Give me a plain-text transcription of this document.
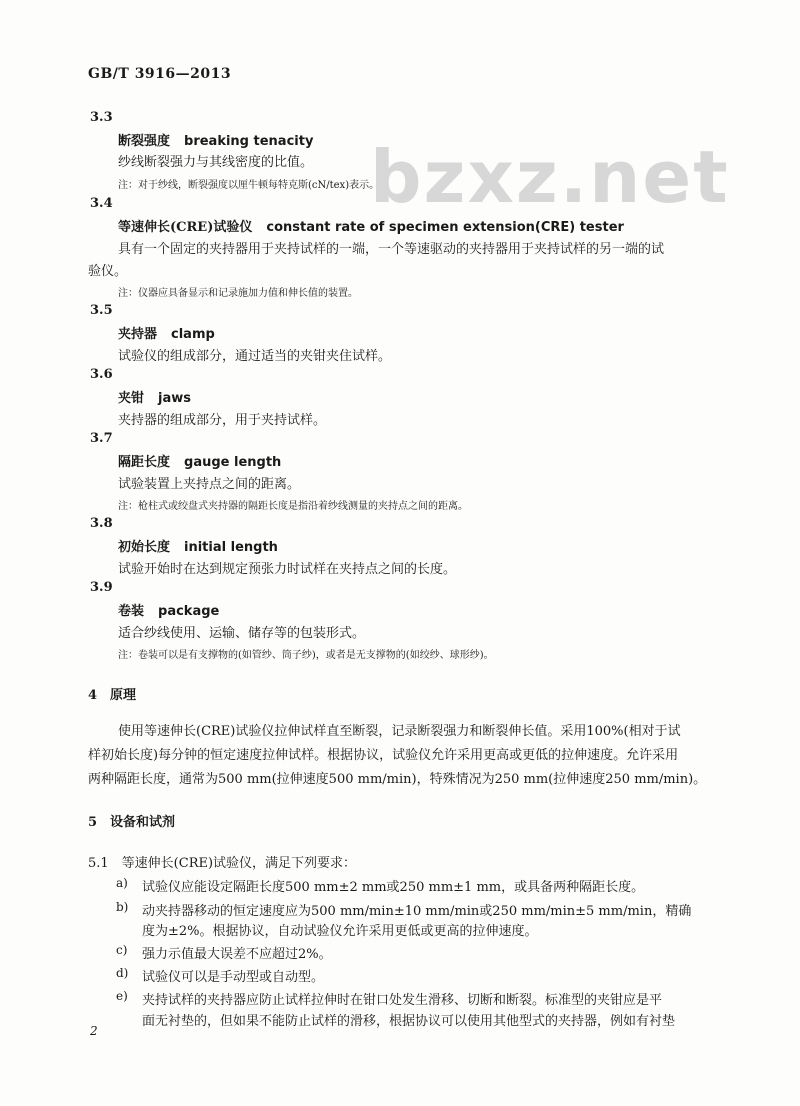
bzxz.net
GB/T 3916—2013
3.3
断裂强度 breaking tenacity
纱线断裂强力与其线密度的比值。
注：对于纱线，断裂强度以厘牛顿每特克斯(cN/tex)表示。
3.4
等速伸长(CRE)试验仪 constant rate of specimen extension(CRE) tester
具有一个固定的夹持器用于夹持试样的一端，一个等速驱动的夹持器用于夹持试样的另一端的试
验仪。
注：仪器应具备显示和记录施加力值和伸长值的装置。
3.5
夹持器 clamp
试验仪的组成部分，通过适当的夹钳夹住试样。
3.6
夹钳 jaws
夹持器的组成部分，用于夹持试样。
3.7
隔距长度 gauge length
试验装置上夹持点之间的距离。
注：枪柱式或绞盘式夹持器的隔距长度是指沿着纱线测量的夹持点之间的距离。
3.8
初始长度 initial length
试验开始时在达到规定预张力时试样在夹持点之间的长度。
3.9
卷装 package
适合纱线使用、运输、储存等的包装形式。
注：卷装可以是有支撑物的(如管纱、筒子纱)，或者是无支撑物的(如绞纱、球形纱)。
4　原理
使用等速伸长(CRE)试验仪拉伸试样直至断裂，记录断裂强力和断裂伸长值。采用100%(相对于试
样初始长度)每分钟的恒定速度拉伸试样。根据协议，试验仪允许采用更高或更低的拉伸速度。允许采用
两种隔距长度，通常为500 mm(拉伸速度500 mm/min)，特殊情况为250 mm(拉伸速度250 mm/min)。
5　设备和试剂
5.1　等速伸长(CRE)试验仪，满足下列要求：
a) 试验仪应能设定隔距长度500 mm±2 mm或250 mm±1 mm，或具备两种隔距长度。
b) 动夹持器移动的恒定速度应为500 mm/min±10 mm/min或250 mm/min±5 mm/min，精确
度为±2%。根据协议，自动试验仪允许采用更低或更高的拉伸速度。
c) 强力示值最大误差不应超过2%。
d) 试验仪可以是手动型或自动型。
e) 夹持试样的夹持器应防止试样拉伸时在钳口处发生滑移、切断和断裂。标准型的夹钳应是平
面无衬垫的，但如果不能防止试样的滑移，根据协议可以使用其他型式的夹持器，例如有衬垫
2
